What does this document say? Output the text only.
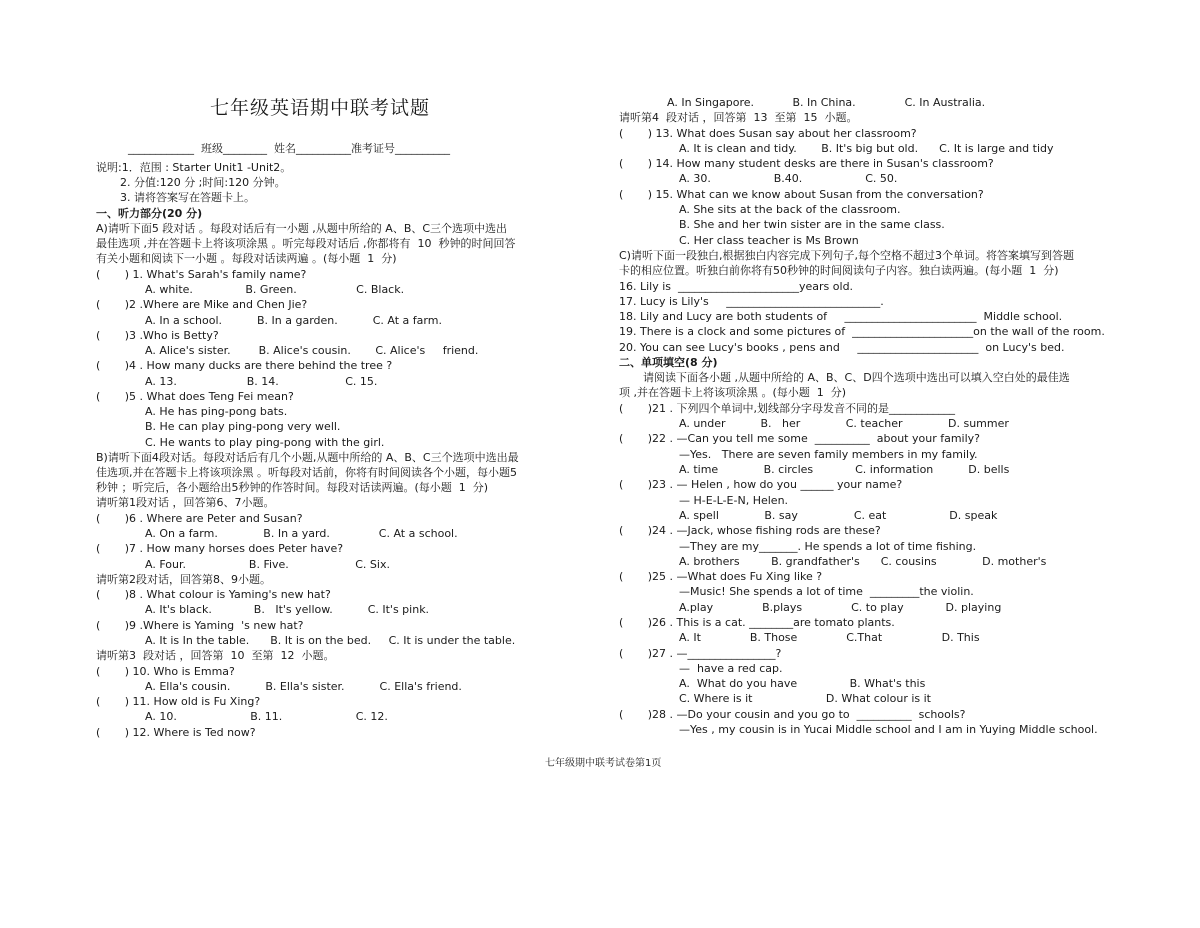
七年级英语期中联考试题
____________  班级________  姓名__________准考证号__________
说明:1．范围 : Starter Unit1 -Unit2。
2. 分值:120 分 ;时间:120 分钟。
3. 请将答案写在答题卡上。
一、听力部分(20 分)
A)请听下面5 段对话 。每段对话后有一小题 ,从题中所给的 A、B、C三个选项中选出
最佳选项 ,并在答题卡上将该项涂黑 。听完每段对话后 ,你都将有  10  秒钟的时间回答
有关小题和阅读下一小题 。每段对话读两遍 。(每小题  1  分)
(       ) 1. What's Sarah's family name?
A. white.               B. Green.                 C. Black.
(       )2 .Where are Mike and Chen Jie?
A. In a school.          B. In a garden.          C. At a farm.
(       )3 .Who is Betty?
A. Alice's sister.        B. Alice's cousin.       C. Alice's     friend.
(       )4 . How many ducks are there behind the tree ?
A. 13.                    B. 14.                   C. 15.
(       )5 . What does Teng Fei mean?
A. He has ping-pong bats.
B. He can play ping-pong very well.
C. He wants to play ping-pong with the girl.
B)请听下面4段对话。每段对话后有几个小题,从题中所给的 A、B、C三个选项中选出最
佳选项,并在答题卡上将该项涂黑 。听每段对话前，你将有时间阅读各个小题，每小题5
秒钟 ；听完后，各小题给出5秒钟的作答时间。每段对话读两遍。(每小题  1  分)
请听第1段对话 ，回答第6、7小题。
(       )6 . Where are Peter and Susan?
A. On a farm.             B. In a yard.              C. At a school.
(       )7 . How many horses does Peter have?
A. Four.                  B. Five.                   C. Six.
请听第2段对话，回答第8、9小题。
(       )8 . What colour is Yaming's new hat?
A. It's black.            B.   It's yellow.          C. It's pink.
(       )9 .Where is Yaming  's new hat?
A. It is In the table.      B. It is on the bed.     C. It is under the table.
请听第3  段对话 ，回答第  10  至第  12  小题。
(       ) 10. Who is Emma?
A. Ella's cousin.          B. Ella's sister.          C. Ella's friend.
(       ) 11. How old is Fu Xing?
A. 10.                     B. 11.                     C. 12.
(       ) 12. Where is Ted now?
A. In Singapore.           B. In China.              C. In Australia.
请听第4  段对话 ，回答第  13  至第  15  小题。
(       ) 13. What does Susan say about her classroom?
A. It is clean and tidy.       B. It's big but old.      C. It is large and tidy
(       ) 14. How many student desks are there in Susan's classroom?
A. 30.                  B.40.                  C. 50.
(       ) 15. What can we know about Susan from the conversation?
A. She sits at the back of the classroom.
B. She and her twin sister are in the same class.
C. Her class teacher is Ms Brown
C)请听下面一段独白,根据独白内容完成下列句子,每个空格不超过3个单词。将答案填写到答题
卡的相应位置。听独白前你将有50秒钟的时间阅读句子内容。独白读两遍。(每小题  1  分)
16. Lily is  ______________________years old.
17. Lucy is Lily's     ____________________________.
18. Lily and Lucy are both students of     ________________________  Middle school.
19. There is a clock and some pictures of  ______________________on the wall of the room.
20. You can see Lucy's books , pens and     ______________________  on Lucy's bed.
二、单项填空(8 分)
请阅读下面各小题 ,从题中所给的 A、B、C、D四个选项中选出可以填入空白处的最佳选
项 ,并在答题卡上将该项涂黑 。(每小题  1  分)
(       )21 . 下列四个单词中,划线部分字母发音不同的是____________
A. under          B.   her             C. teacher             D. summer
(       )22 . —Can you tell me some  __________  about your family?
—Yes.   There are seven family members in my family.
A. time             B. circles            C. information          D. bells
(       )23 . — Helen , how do you ______ your name?
— H-E-L-E-N, Helen.
A. spell             B. say                C. eat                  D. speak
(       )24 . —Jack, whose fishing rods are these?
—They are my_______. He spends a lot of time fishing.
A. brothers         B. grandfather's      C. cousins             D. mother's
(       )25 . —What does Fu Xing like ?
—Music! She spends a lot of time  _________the violin.
A.play              B.plays              C. to play            D. playing
(       )26 . This is a cat. ________are tomato plants.
A. It              B. Those              C.That                 D. This
(       )27 . —________________?
—  have a red cap.
A.  What do you have               B. What's this
C. Where is it                     D. What colour is it
(       )28 . —Do your cousin and you go to  __________  schools?
—Yes , my cousin is in Yucai Middle school and I am in Yuying Middle school.
七年级期中联考试卷第1页
